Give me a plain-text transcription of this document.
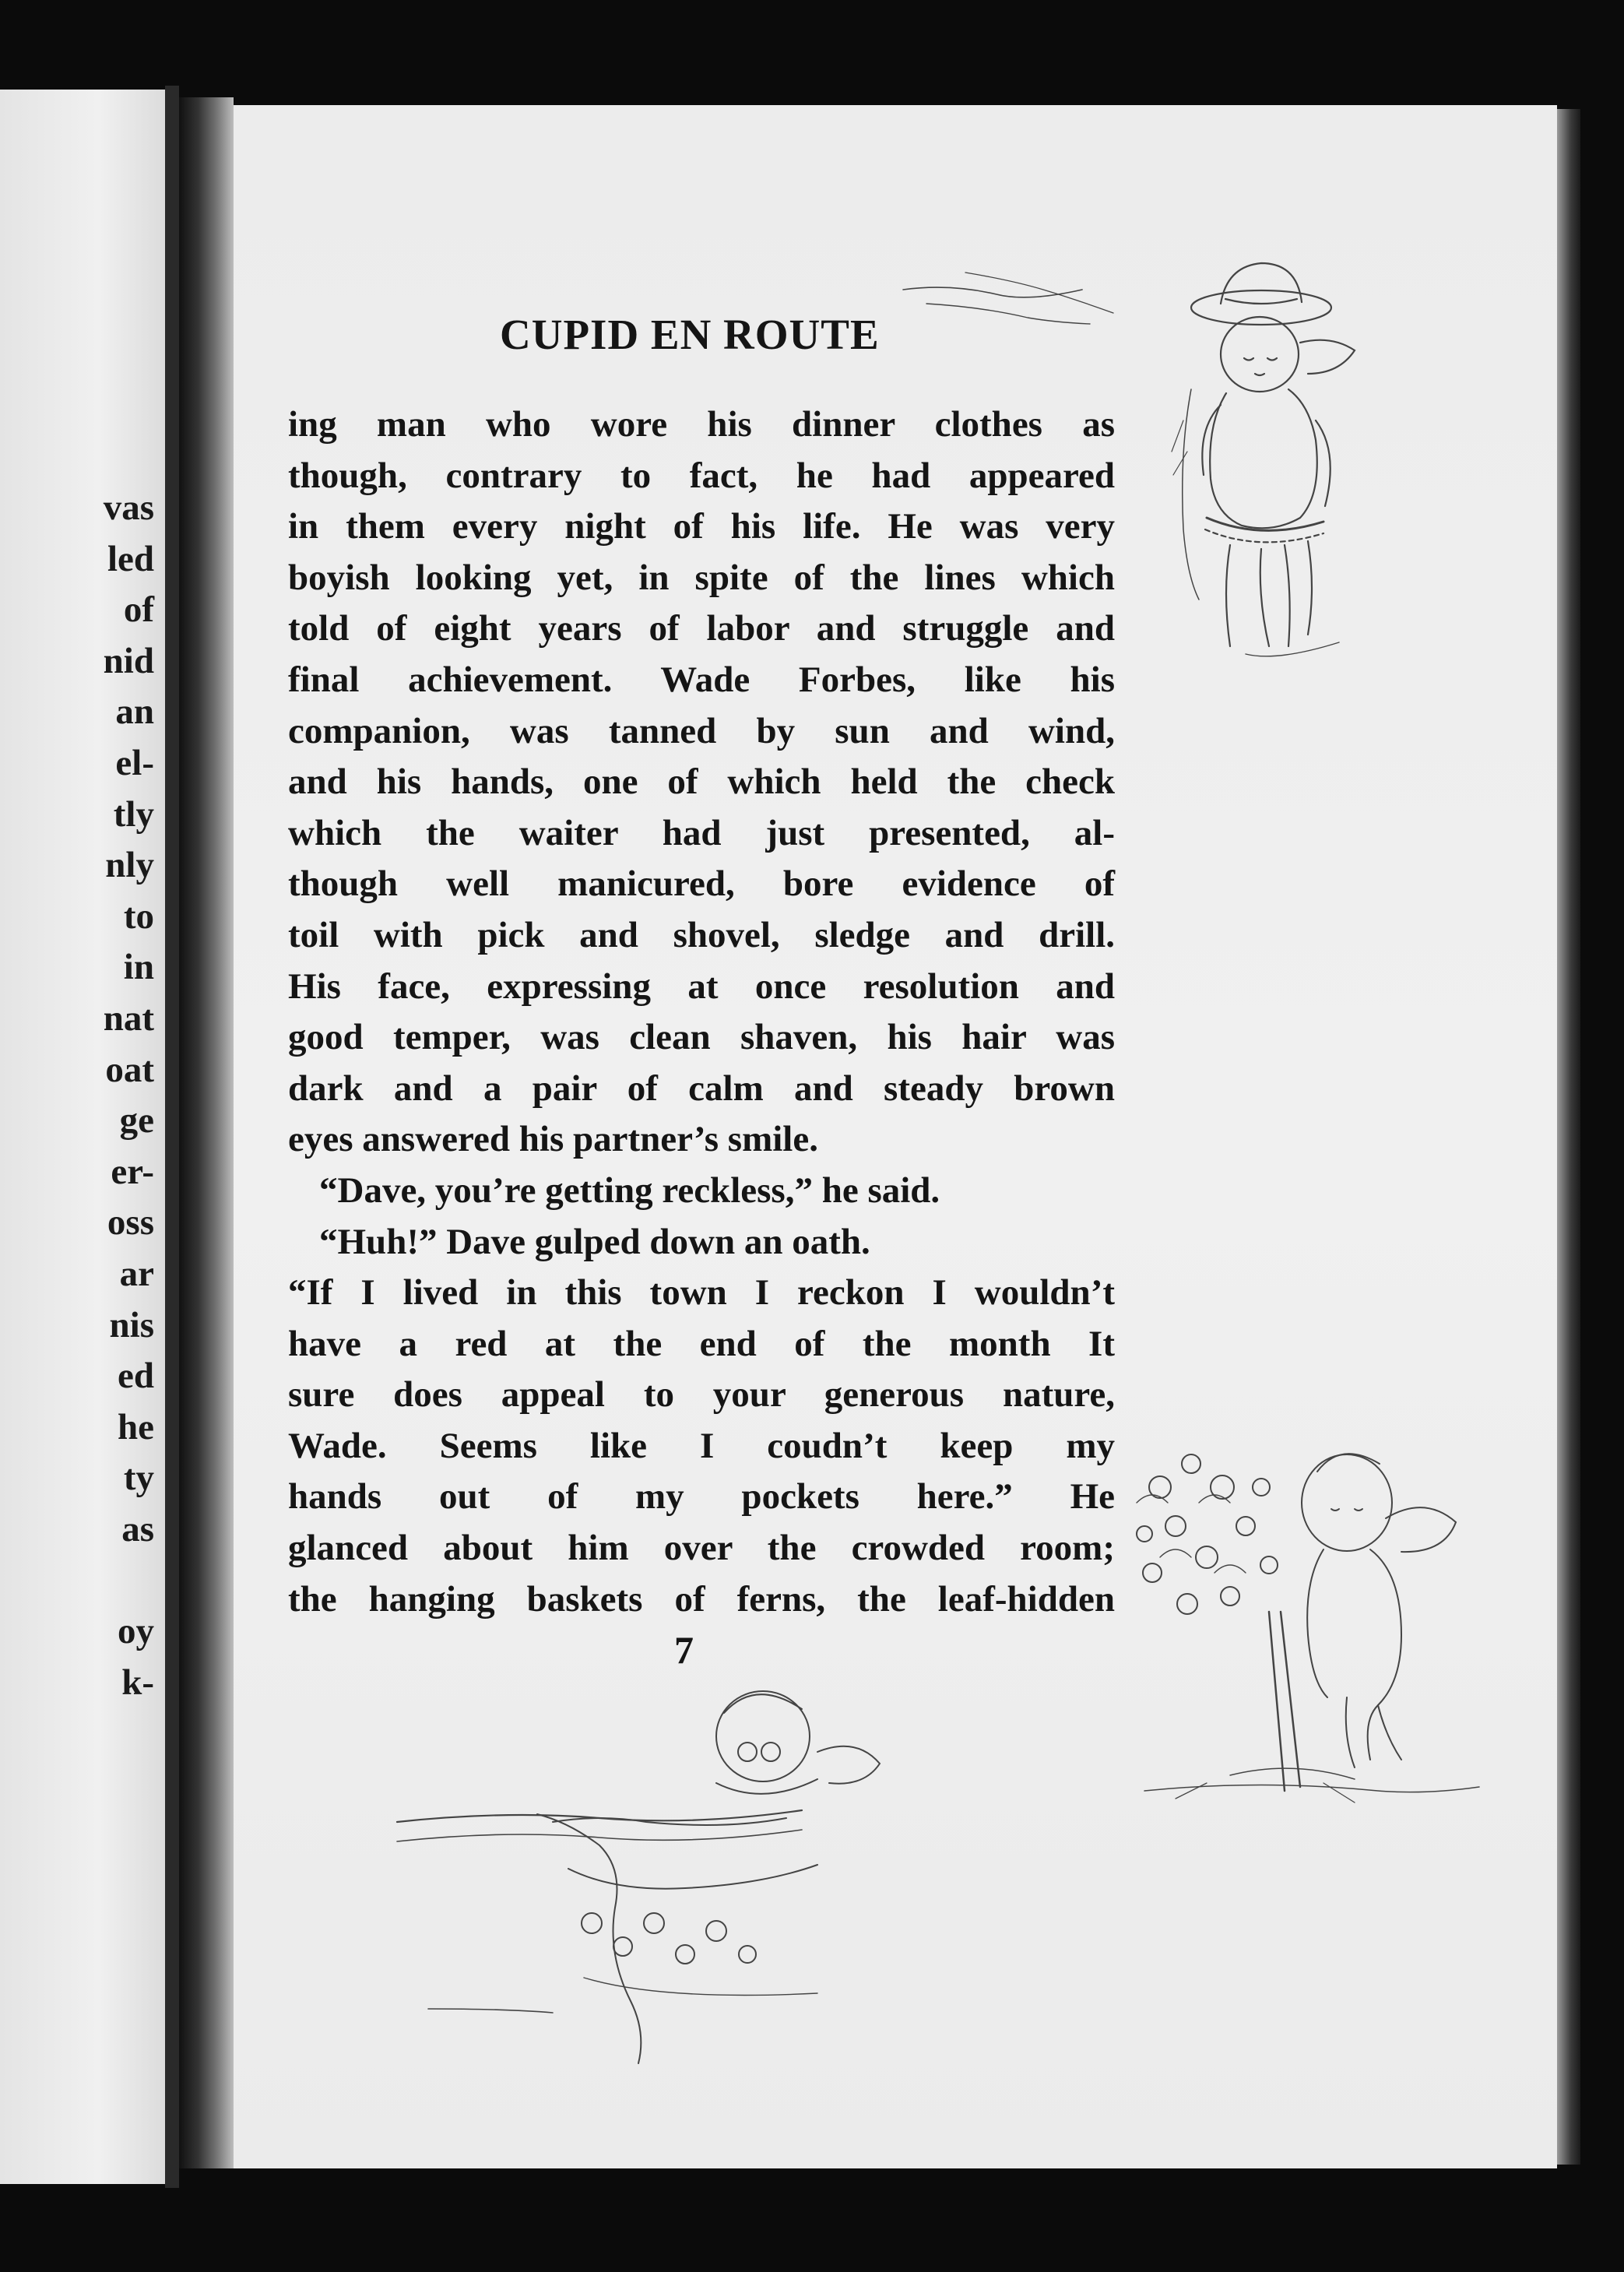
vas
led
of
nid
an
el-
tly
nly
to
in
nat
oat
ge
er-
oss
ar
nis
ed
he
ty
as
oy
k-
CUPID EN ROUTE
ing man who wore his dinner clothes as
though, contrary to fact, he had appeared
in them every night of his life. He was very
boyish looking yet, in spite of the lines which
told of eight years of labor and struggle and
final achievement. Wade Forbes, like his
companion, was tanned by sun and wind,
and his hands, one of which held the check
which the waiter had just presented, al-
though well manicured, bore evidence of
toil with pick and shovel, sledge and drill.
His face, expressing at once resolution and
good temper, was clean shaven, his hair was
dark and a pair of calm and steady brown
eyes answered his partner’s smile.
“Dave, you’re getting reckless,” he said.
“Huh!” Dave gulped down an oath.
“If I lived in this town I reckon I wouldn’t
have a red at the end of the month It
sure does appeal to your generous nature,
Wade. Seems like I coudn’t keep my
hands out of my pockets here.” He
glanced about him over the crowded room;
the hanging baskets of ferns, the leaf-hidden
7
